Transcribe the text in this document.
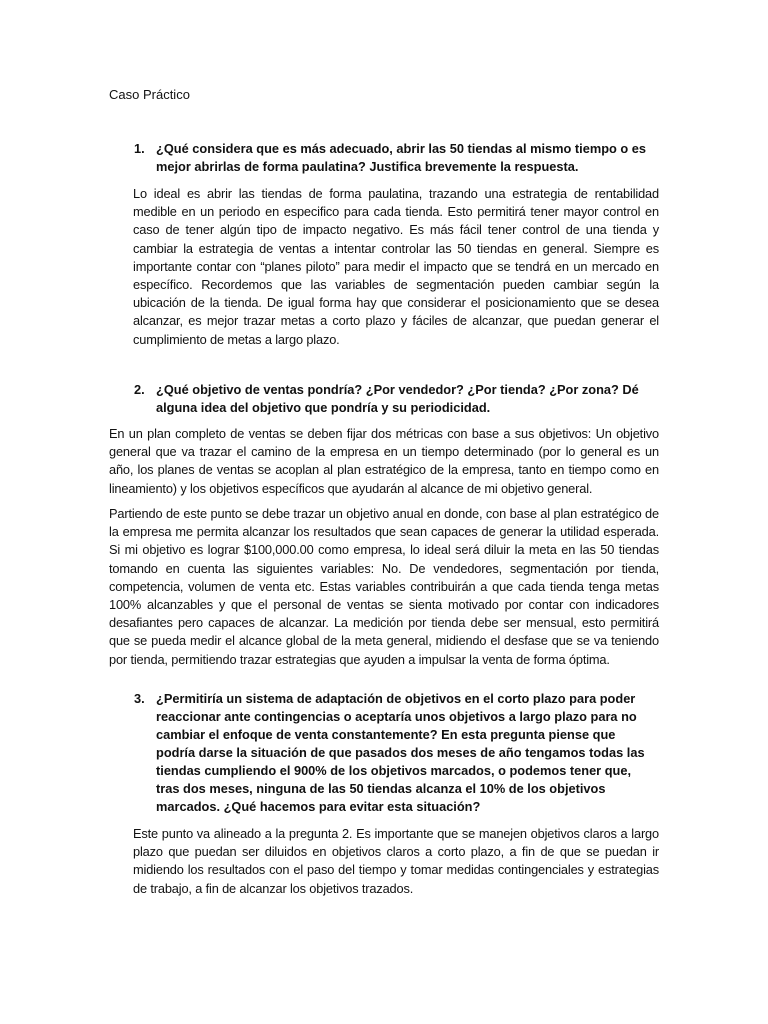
Caso Práctico
1. ¿Qué considera que es más adecuado, abrir las 50 tiendas al mismo tiempo o es mejor abrirlas de forma paulatina? Justifica brevemente la respuesta.
Lo ideal es abrir las tiendas de forma paulatina, trazando una estrategia de rentabilidad medible en un periodo en especifico para cada tienda. Esto permitirá tener mayor control en caso de tener algún tipo de impacto negativo. Es más fácil tener control de una tienda y cambiar la estrategia de ventas a intentar controlar las 50 tiendas en general. Siempre es importante contar con “planes piloto” para medir el impacto que se tendrá en un mercado en específico. Recordemos que las variables de segmentación pueden cambiar según la ubicación de la tienda. De igual forma hay que considerar el posicionamiento que se desea alcanzar, es mejor trazar metas a corto plazo y fáciles de alcanzar, que puedan generar el cumplimiento de metas a largo plazo.
2. ¿Qué objetivo de ventas pondría? ¿Por vendedor? ¿Por tienda? ¿Por zona? Dé alguna idea del objetivo que pondría y su periodicidad.
En un plan completo de ventas se deben fijar dos métricas con base a sus objetivos: Un objetivo general que va trazar el camino de la empresa en un tiempo determinado (por lo general es un año, los planes de ventas se acoplan al plan estratégico de la empresa, tanto en tiempo como en lineamiento) y los objetivos específicos que ayudarán al alcance de mi objetivo general.
Partiendo de este punto se debe trazar un objetivo anual en donde, con base al plan estratégico de la empresa me permita alcanzar los resultados que sean capaces de generar la utilidad esperada. Si mi objetivo es lograr $100,000.00 como empresa, lo ideal será diluir la meta en las 50 tiendas tomando en cuenta las siguientes variables: No. De vendedores, segmentación por tienda, competencia, volumen de venta etc. Estas variables contribuirán a que cada tienda tenga metas 100% alcanzables y que el personal de ventas se sienta motivado por contar con indicadores desafiantes pero capaces de alcanzar. La medición por tienda debe ser mensual, esto permitirá que se pueda medir el alcance global de la meta general, midiendo el desfase que se va teniendo por tienda, permitiendo trazar estrategias que ayuden a impulsar la venta de forma óptima.
3. ¿Permitiría un sistema de adaptación de objetivos en el corto plazo para poder reaccionar ante contingencias o aceptaría unos objetivos a largo plazo para no cambiar el enfoque de venta constantemente? En esta pregunta piense que podría darse la situación de que pasados dos meses de año tengamos todas las tiendas cumpliendo el 900% de los objetivos marcados, o podemos tener que, tras dos meses, ninguna de las 50 tiendas alcanza el 10% de los objetivos marcados. ¿Qué hacemos para evitar esta situación?
Este punto va alineado a la pregunta 2. Es importante que se manejen objetivos claros a largo plazo que puedan ser diluidos en objetivos claros a corto plazo, a fin de que se puedan ir midiendo los resultados con el paso del tiempo y tomar medidas contingenciales y estrategias de trabajo, a fin de alcanzar los objetivos trazados.
